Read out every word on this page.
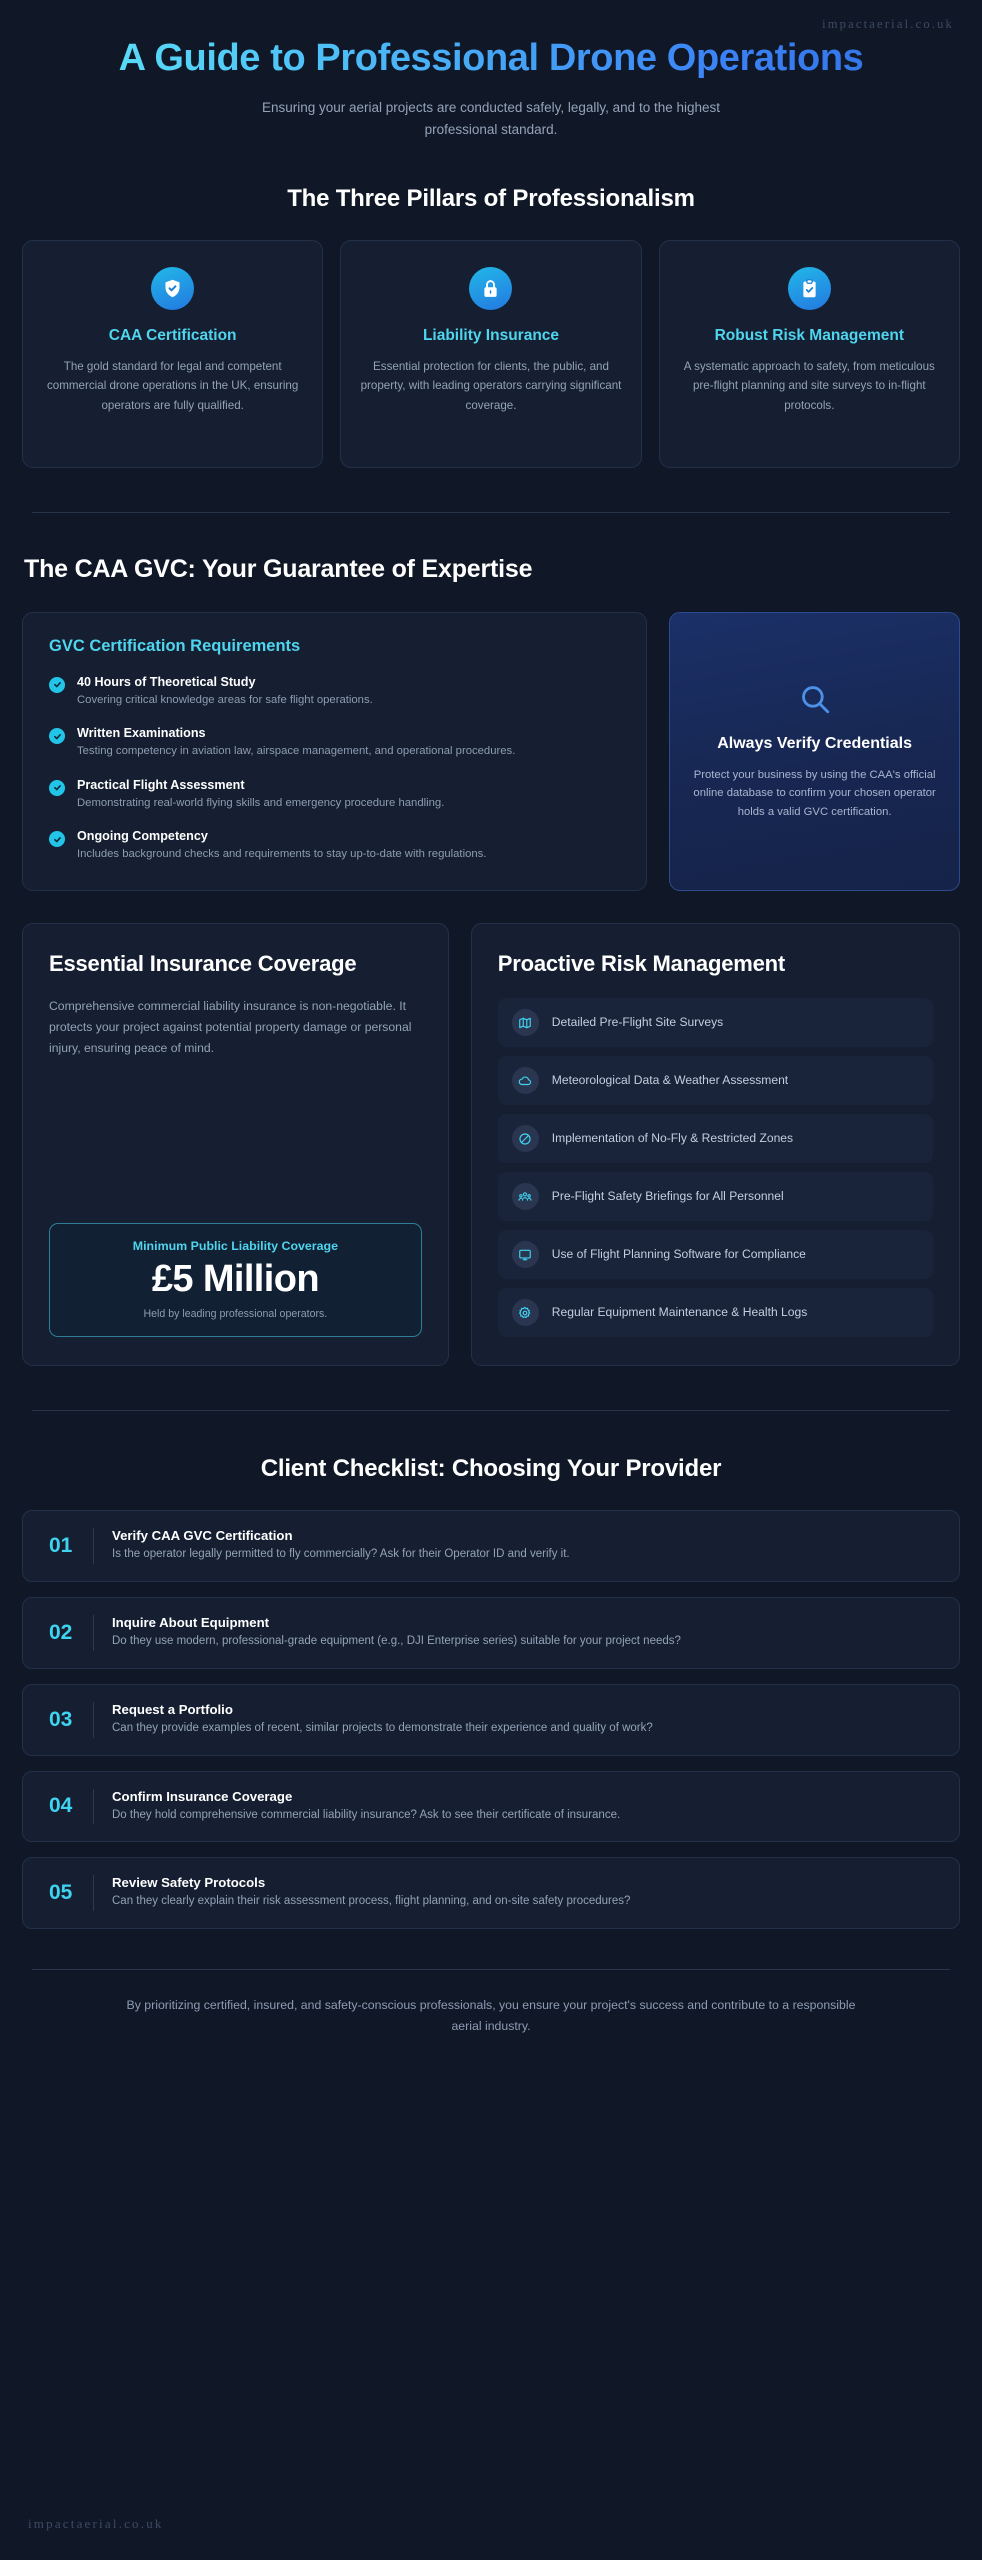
impactaerial.co.uk
A Guide to Professional Drone Operations
Ensuring your aerial projects are conducted safely, legally, and to the highest professional standard.
The Three Pillars of Professionalism
CAA Certification
The gold standard for legal and competent commercial drone operations in the UK, ensuring operators are fully qualified.
Liability Insurance
Essential protection for clients, the public, and property, with leading operators carrying significant coverage.
Robust Risk Management
A systematic approach to safety, from meticulous pre-flight planning and site surveys to in-flight protocols.
The CAA GVC: Your Guarantee of Expertise
GVC Certification Requirements
40 Hours of Theoretical Study
Covering critical knowledge areas for safe flight operations.
Written Examinations
Testing competency in aviation law, airspace management, and operational procedures.
Practical Flight Assessment
Demonstrating real-world flying skills and emergency procedure handling.
Ongoing Competency
Includes background checks and requirements to stay up-to-date with regulations.
Always Verify Credentials
Protect your business by using the CAA's official online database to confirm your chosen operator holds a valid GVC certification.
Essential Insurance Coverage
Comprehensive commercial liability insurance is non-negotiable. It protects your project against potential property damage or personal injury, ensuring peace of mind.
Minimum Public Liability Coverage
£5 Million
Held by leading professional operators.
Proactive Risk Management
Detailed Pre-Flight Site Surveys
Meteorological Data & Weather Assessment
Implementation of No-Fly & Restricted Zones
Pre-Flight Safety Briefings for All Personnel
Use of Flight Planning Software for Compliance
Regular Equipment Maintenance & Health Logs
Client Checklist: Choosing Your Provider
01	Verify CAA GVC Certification
Is the operator legally permitted to fly commercially? Ask for their Operator ID and verify it.
02	Inquire About Equipment
Do they use modern, professional-grade equipment (e.g., DJI Enterprise series) suitable for your project needs?
03	Request a Portfolio
Can they provide examples of recent, similar projects to demonstrate their experience and quality of work?
04	Confirm Insurance Coverage
Do they hold comprehensive commercial liability insurance? Ask to see their certificate of insurance.
05	Review Safety Protocols
Can they clearly explain their risk assessment process, flight planning, and on-site safety procedures?
By prioritizing certified, insured, and safety-conscious professionals, you ensure your project's success and contribute to a responsible aerial industry.
impactaerial.co.uk
